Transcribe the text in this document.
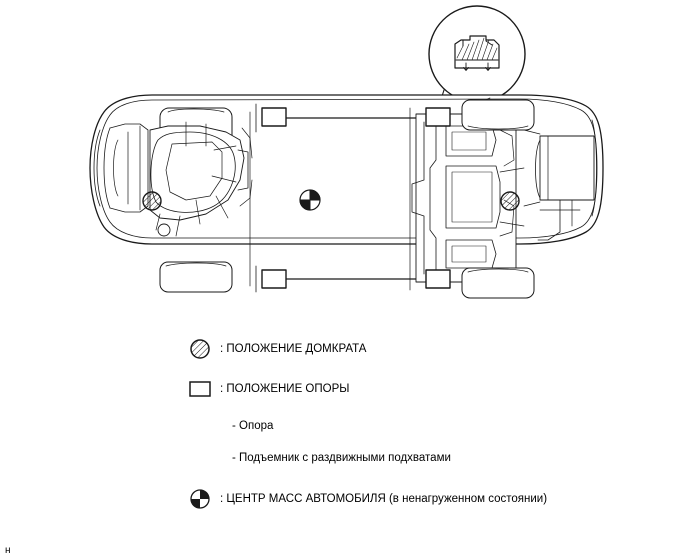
: ПОЛОЖЕНИЕ ДОМКРАТА
: ПОЛОЖЕНИЕ ОПОРЫ
- Опора
- Подъемник с раздвижными подхватами
: ЦЕНТР МАСС АВТОМОБИЛЯ (в ненагруженном состоянии)
н
